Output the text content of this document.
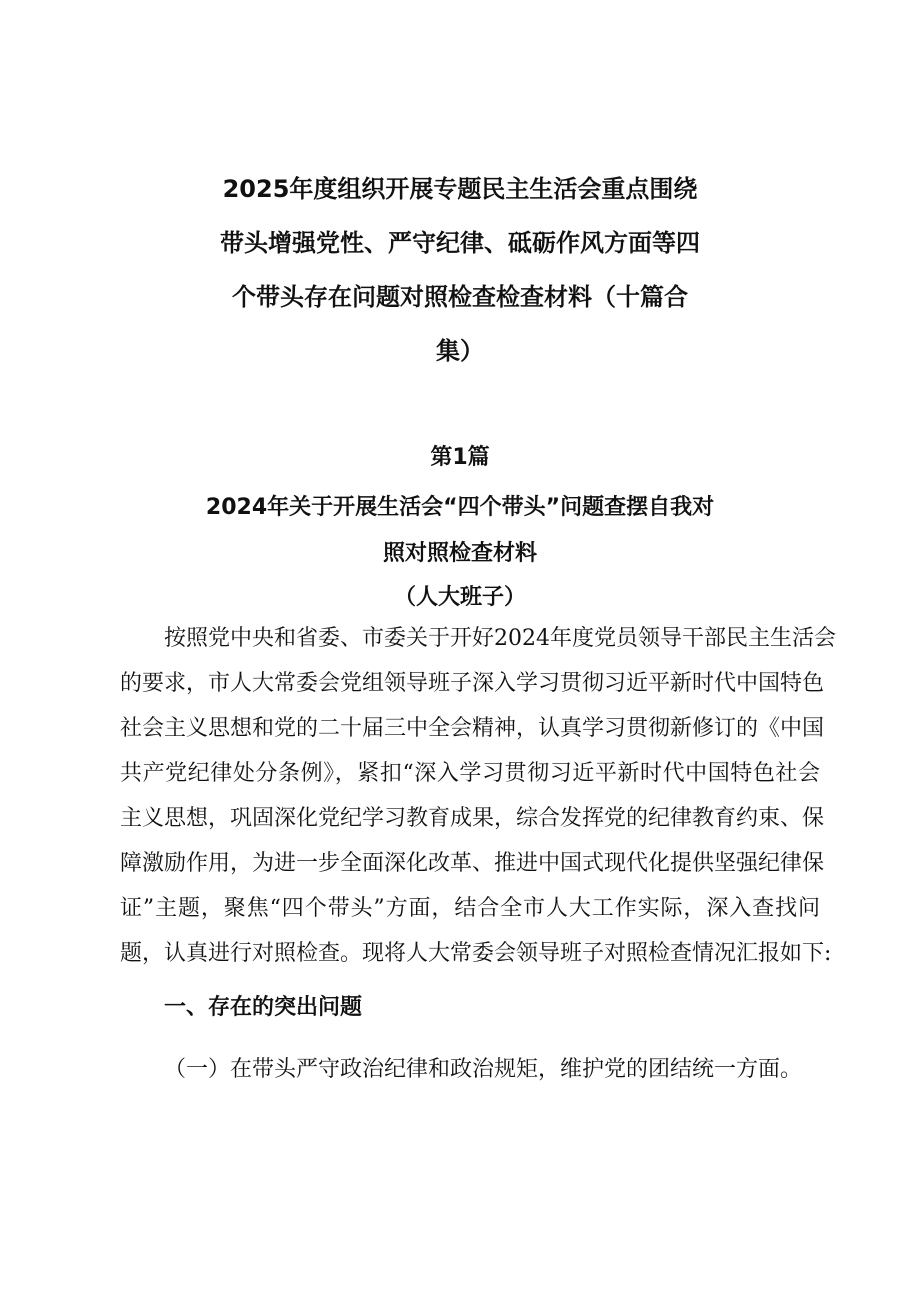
2025年度组织开展专题民主生活会重点围绕
带头增强党性、严守纪律、砥砺作风方面等四
个带头存在问题对照检查检查材料（十篇合
集）
第1篇
2024年关于开展生活会“四个带头”问题查摆自我对
照对照检查材料
（人大班子）
按照党中央和省委、市委关于开好2024年度党员领导干部民主生活会
的要求，市人大常委会党组领导班子深入学习贯彻习近平新时代中国特色
社会主义思想和党的二十届三中全会精神，认真学习贯彻新修订的《中国
共产党纪律处分条例》，紧扣“深入学习贯彻习近平新时代中国特色社会
主义思想，巩固深化党纪学习教育成果，综合发挥党的纪律教育约束、保
障激励作用，为进一步全面深化改革、推进中国式现代化提供坚强纪律保
证”主题，聚焦“四个带头”方面，结合全市人大工作实际，深入查找问
题，认真进行对照检查。现将人大常委会领导班子对照检查情况汇报如下:
一、存在的突出问题
（一）在带头严守政治纪律和政治规矩，维护党的团结统一方面。
